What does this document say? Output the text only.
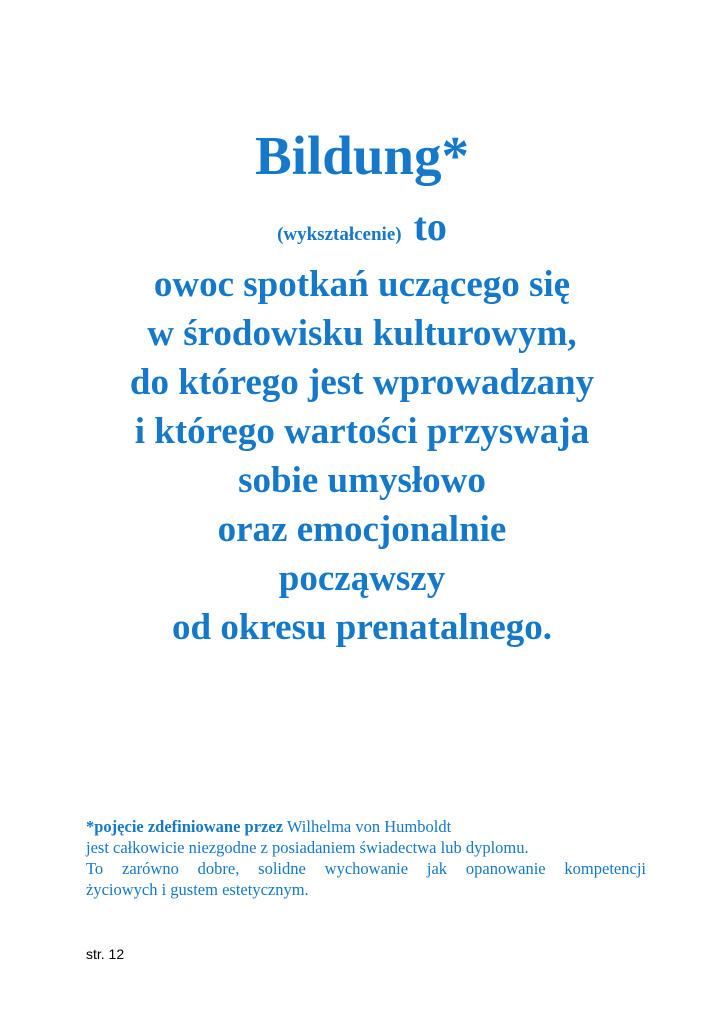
Bildung*
(wykształcenie) to
owoc spotkań uczącego się
w środowisku kulturowym,
do którego jest wprowadzany
i którego wartości przyswaja
sobie umysłowo
oraz emocjonalnie
począwszy
od okresu prenatalnego.
*pojęcie zdefiniowane przez Wilhelma von Humboldt
jest całkowicie niezgodne z posiadaniem świadectwa lub dyplomu.
To zarówno dobre, solidne wychowanie jak opanowanie kompetencji
życiowych i gustem estetycznym.

str. 12
